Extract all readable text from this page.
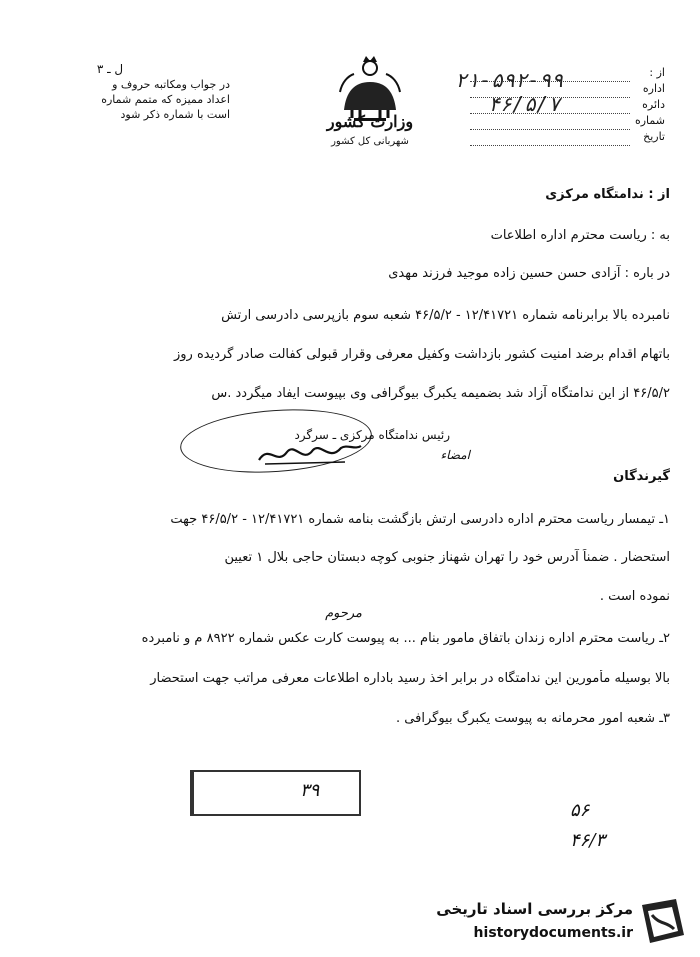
ل ـ ۳
در جواب ومکاتبه حروف و
اعداد ممیزه که متمم شماره
است با شماره ذکر شود	وزارت کشور
شهربانی کل کشور
از :
اداره
دائره
شماره
تاریخ
۲۱-۵۹۲-۹۹
۴۶/۵/۷
از : ندامتگاه مرکزی
به : ریاست محترم اداره اطلاعات
در باره : آزادی حسن حسین زاده موجید فرزند مهدی
نامبرده بالا برابرنامه شماره ۱۲/۴۱۷۲۱ - ۴۶/۵/۲ شعبه سوم بازپرسی دادرسی ارتش
باتهام اقدام برضد امنیت کشور بازداشت وکفیل معرفی وقرار قبولی کفالت صادر گردیده روز
۴۶/۵/۲ از این ندامتگاه آزاد شد بضمیمه یکبرگ بیوگرافی وی بپیوست ایفاد میگردد .س
رئیس ندامتگاه مرکزی ـ سرگرد
امضاء
گیرندگان
۱ـ تیمسار ریاست محترم اداره دادرسی ارتش بازگشت بنامه شماره ۱۲/۴۱۷۲۱ - ۴۶/۵/۲ جهت
استحضار . ضمناً آدرس خود را تهران شهناز جنوبی کوچه دبستان حاجی بلال ۱ تعیین
نموده است .
مرحوم
۲ـ ریاست محترم اداره زندان باتفاق مامور بنام ... به پیوست کارت عکس شماره ۸۹۲۲ م و نامبرده
بالا بوسیله مأمورین این ندامتگاه در برابر اخذ رسید باداره اطلاعات معرفی مراتب جهت استحضار
۳ـ شعبه امور محرمانه به پیوست یکبرگ بیوگرافی .
۳۹
۵۶
۴۶/۳
مرکز بررسی اسناد تاریخی
historydocuments.ir
